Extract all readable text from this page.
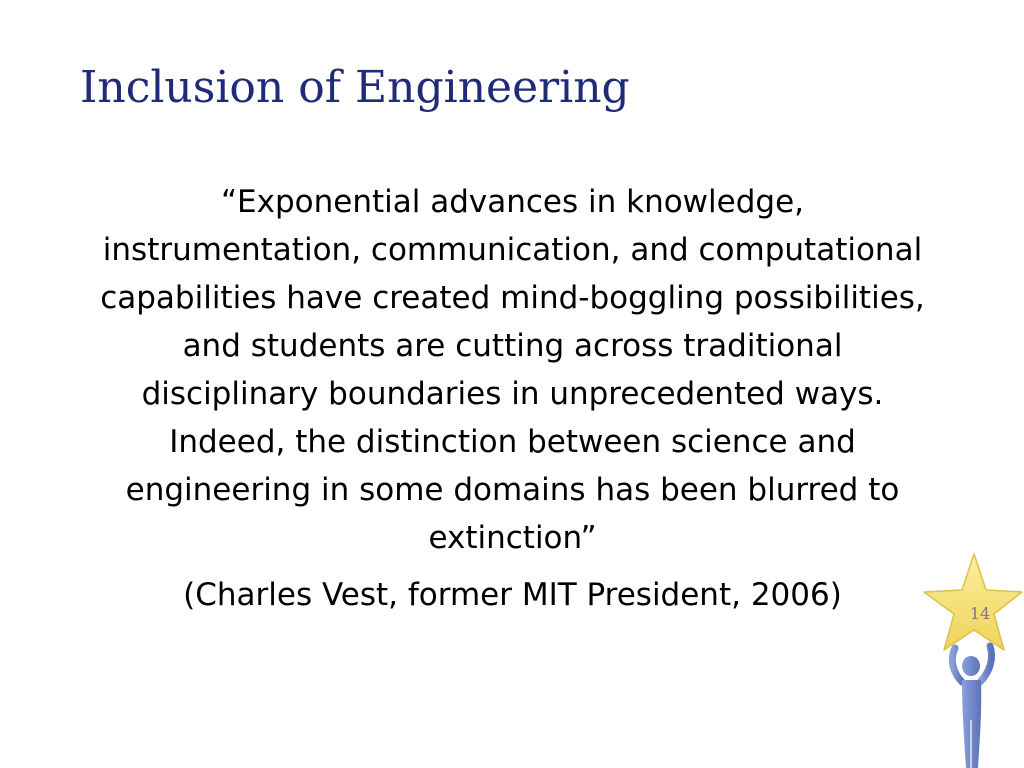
Inclusion of Engineering

“Exponential advances in knowledge, instrumentation, communication, and computational capabilities have created mind-boggling possibilities, and students are cutting across traditional disciplinary boundaries in unprecedented ways. Indeed, the distinction between science and engineering in some domains has been blurred to extinction”

(Charles Vest, former MIT President, 2006)

14
